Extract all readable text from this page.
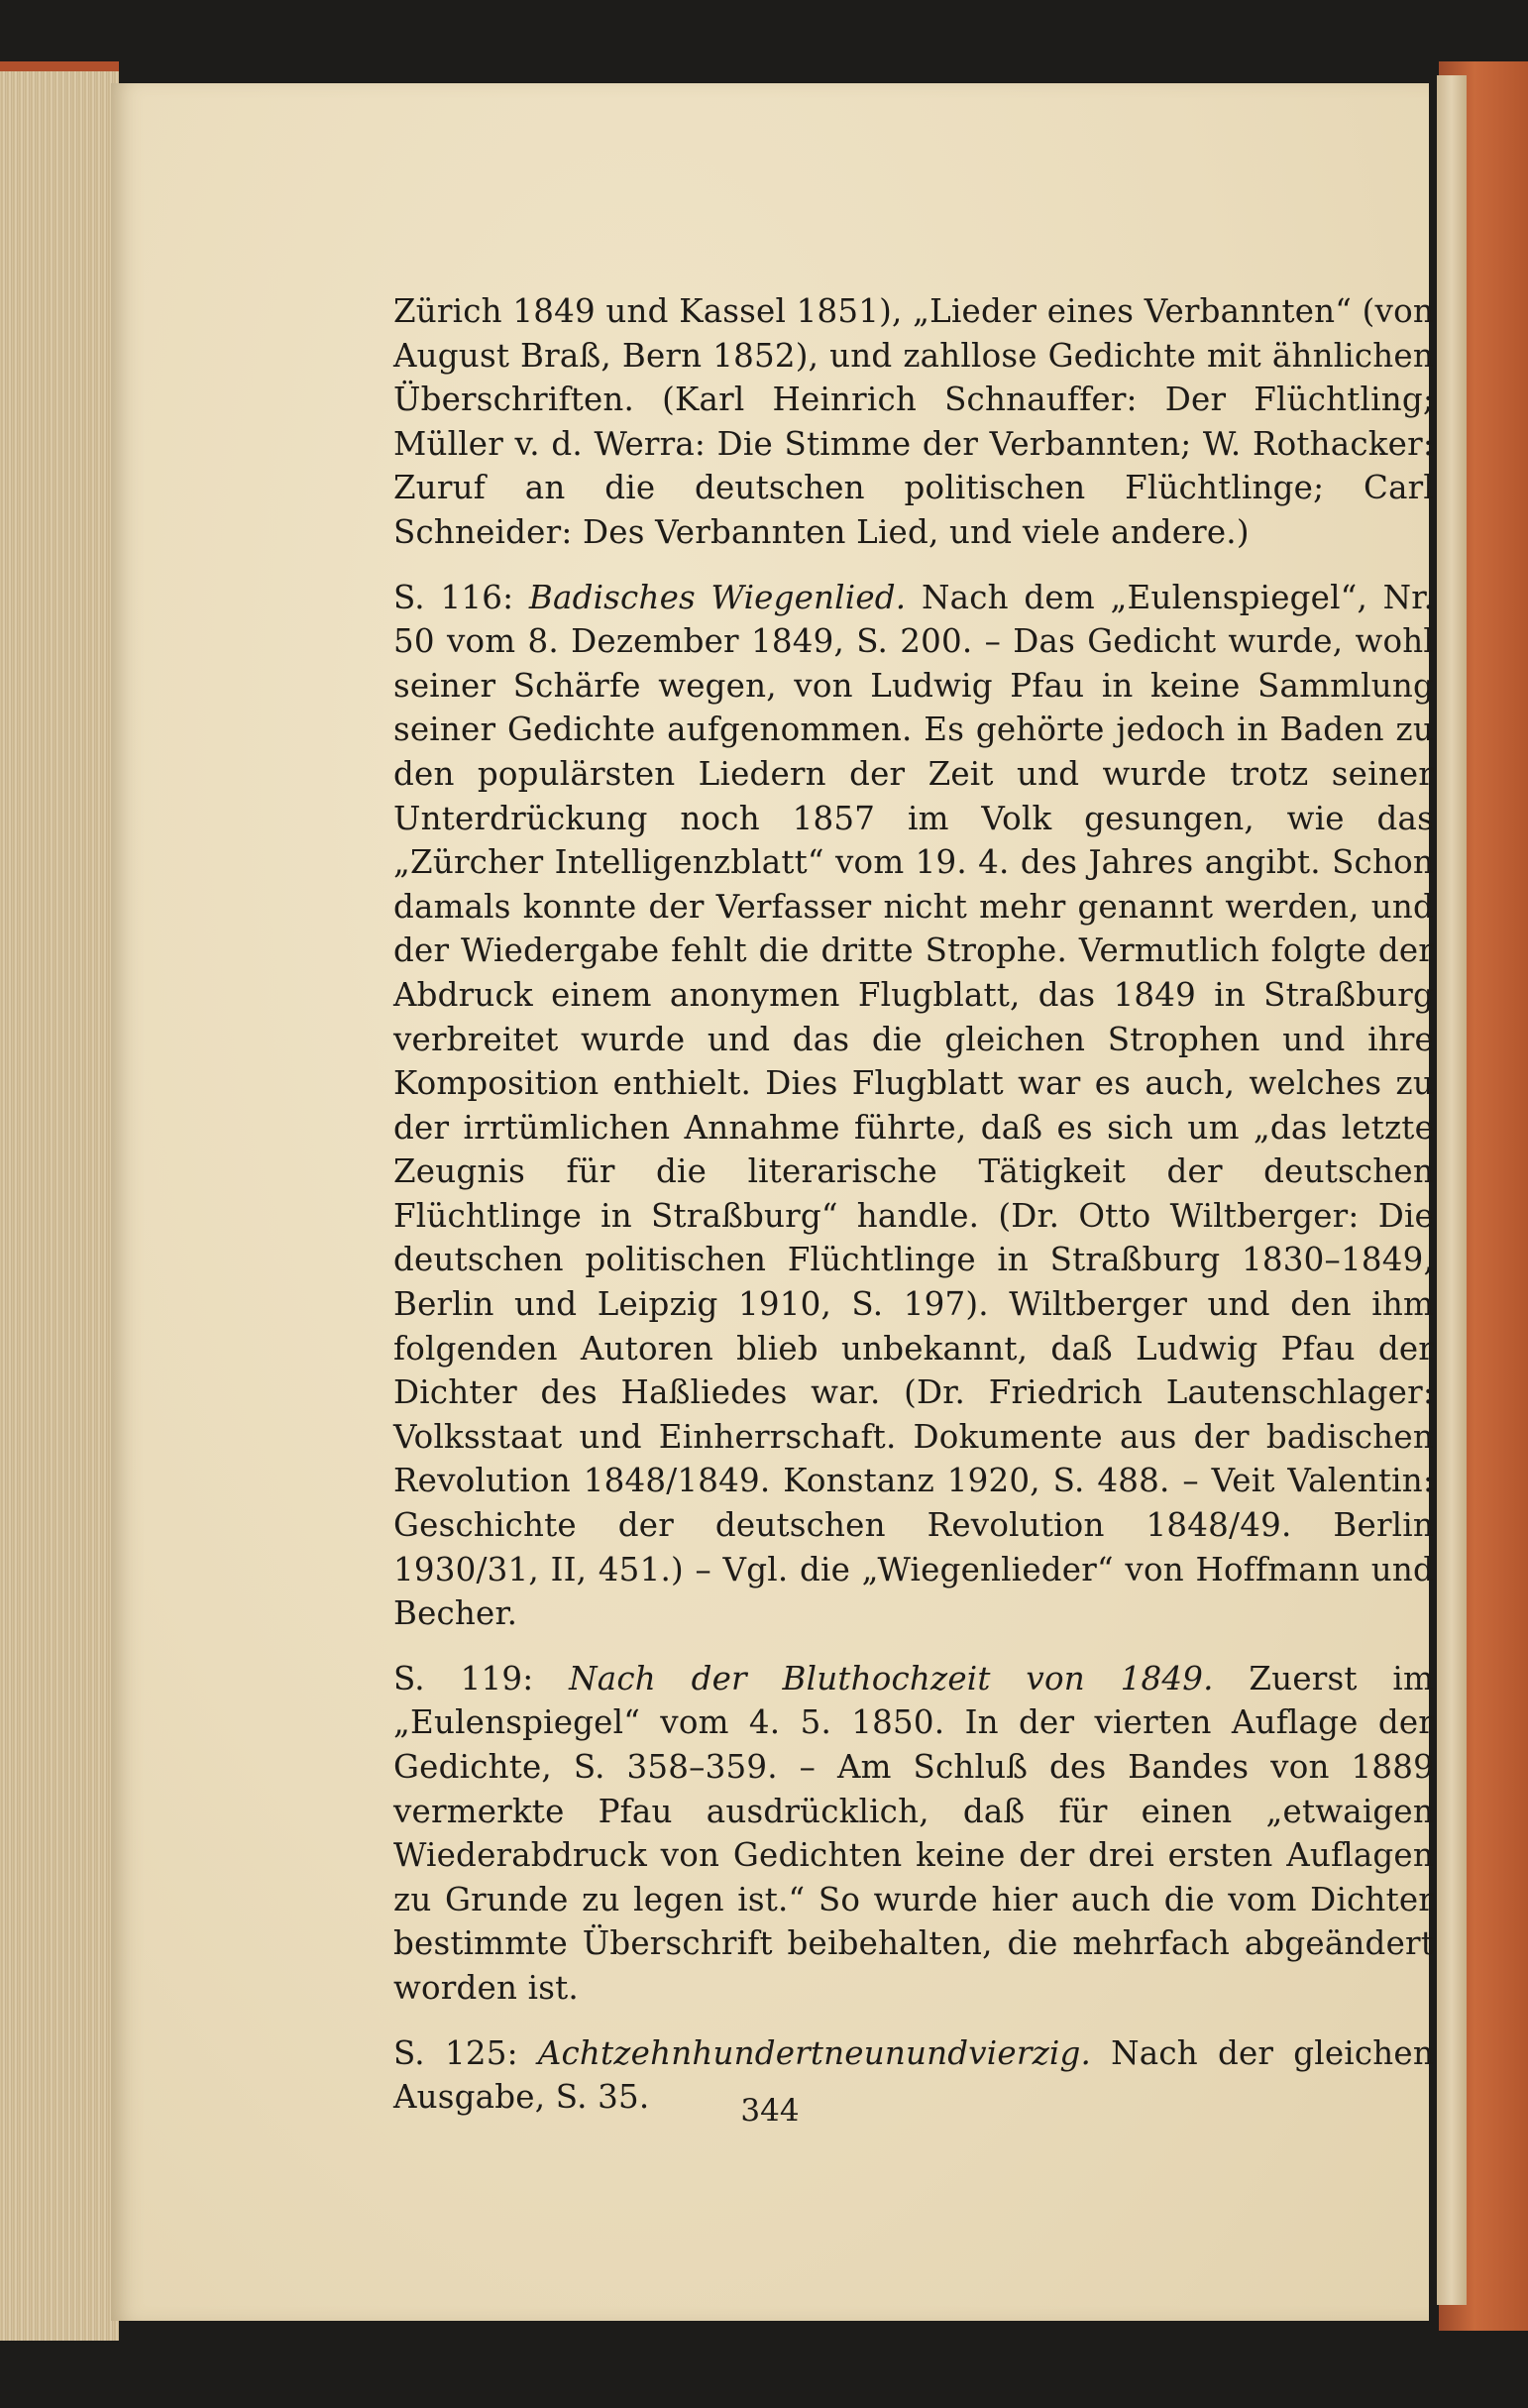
Zürich 1849 und Kassel 1851), „Lieder eines Verbannten“ (von August Braß, Bern 1852), und zahllose Gedichte mit ähnlichen Überschriften. (Karl Heinrich Schnauffer: Der Flüchtling; Müller v. d. Werra: Die Stimme der Verbannten; W. Rothacker: Zuruf an die deutschen politischen Flüchtlinge; Carl Schneider: Des Verbannten Lied, und viele andere.)

S. 116: Badisches Wiegenlied. Nach dem „Eulenspiegel“, Nr. 50 vom 8. Dezember 1849, S. 200. – Das Gedicht wurde, wohl seiner Schärfe wegen, von Ludwig Pfau in keine Sammlung seiner Gedichte aufgenommen. Es gehörte jedoch in Baden zu den populärsten Liedern der Zeit und wurde trotz seiner Unterdrückung noch 1857 im Volk gesungen, wie das „Zürcher Intelligenzblatt“ vom 19. 4. des Jahres angibt. Schon damals konnte der Verfasser nicht mehr genannt werden, und der Wiedergabe fehlt die dritte Strophe. Vermutlich folgte der Abdruck einem anonymen Flugblatt, das 1849 in Straßburg verbreitet wurde und das die gleichen Strophen und ihre Komposition enthielt. Dies Flugblatt war es auch, welches zu der irrtümlichen Annahme führte, daß es sich um „das letzte Zeugnis für die literarische Tätigkeit der deutschen Flüchtlinge in Straßburg“ handle. (Dr. Otto Wiltberger: Die deutschen politischen Flüchtlinge in Straßburg 1830–1849, Berlin und Leipzig 1910, S. 197). Wiltberger und den ihm folgenden Autoren blieb unbekannt, daß Ludwig Pfau der Dichter des Haßliedes war. (Dr. Friedrich Lautenschlager: Volksstaat und Einherrschaft. Dokumente aus der badischen Revolution 1848/1849. Konstanz 1920, S. 488. – Veit Valentin: Geschichte der deutschen Revolution 1848/49. Berlin 1930/31, II, 451.) – Vgl. die „Wiegenlieder“ von Hoffmann und Becher.

S. 119: Nach der Bluthochzeit von 1849. Zuerst im „Eulenspiegel“ vom 4. 5. 1850. In der vierten Auflage der Gedichte, S. 358–359. – Am Schluß des Bandes von 1889 vermerkte Pfau ausdrücklich, daß für einen „etwaigen Wiederabdruck von Gedichten keine der drei ersten Auflagen zu Grunde zu legen ist.“ So wurde hier auch die vom Dichter bestimmte Überschrift beibehalten, die mehrfach abgeändert worden ist.

S. 125: Achtzehnhundertneunundvierzig. Nach der gleichen Ausgabe, S. 35.	344
